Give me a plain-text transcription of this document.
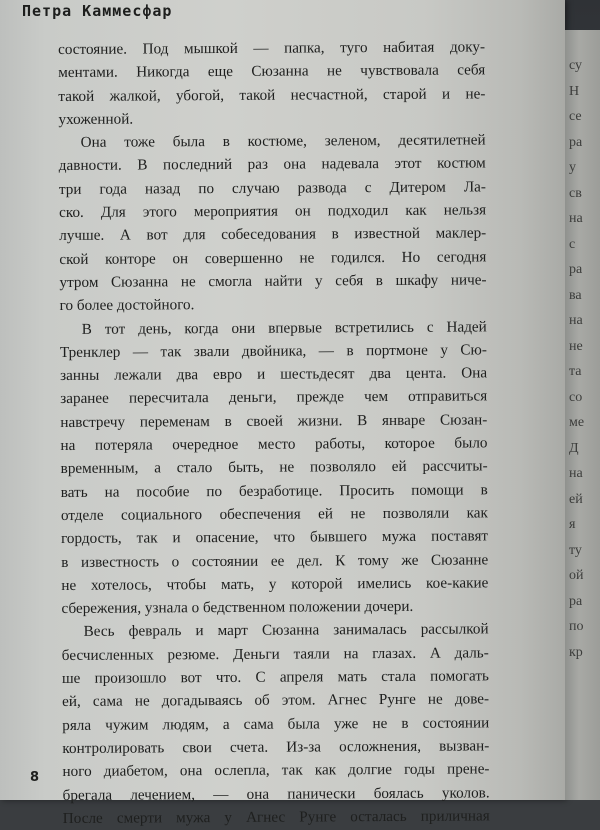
Петра Каммесфар
состояние. Под мышкой — папка, туго набитая доку-
ментами. Никогда еще Сюзанна не чувствовала себя
такой жалкой, убогой, такой несчастной, старой и не-
ухоженной.
Она тоже была в костюме, зеленом, десятилетней
давности. В последний раз она надевала этот костюм
три года назад по случаю развода с Дитером Ла-
ско. Для этого мероприятия он подходил как нельзя
лучше. А вот для собеседования в известной маклер-
ской конторе он совершенно не годился. Но сегодня
утром Сюзанна не смогла найти у себя в шкафу ниче-
го более достойного.
В тот день, когда они впервые встретились с Надей
Тренклер — так звали двойника, — в портмоне у Сю-
занны лежали два евро и шестьдесят два цента. Она
заранее пересчитала деньги, прежде чем отправиться
навстречу переменам в своей жизни. В январе Сюзан-
на потеряла очередное место работы, которое было
временным, а стало быть, не позволяло ей рассчиты-
вать на пособие по безработице. Просить помощи в
отделе социального обеспечения ей не позволяли как
гордость, так и опасение, что бывшего мужа поставят
в известность о состоянии ее дел. К тому же Сюзанне
не хотелось, чтобы мать, у которой имелись кое-какие
сбережения, узнала о бедственном положении дочери.
Весь февраль и март Сюзанна занималась рассылкой
бесчисленных резюме. Деньги таяли на глазах. А даль-
ше произошло вот что. С апреля мать стала помогать
ей, сама не догадываясь об этом. Агнес Рунге не дове-
ряла чужим людям, а сама была уже не в состоянии
контролировать свои счета. Из-за осложнения, вызван-
ного диабетом, она ослепла, так как долгие годы прене-
брегала лечением, — она панически боялась уколов.
После смерти мужа у Агнес Рунге осталась приличная
8
су
Н
се
ра
у
св
на
с
ра
ва
на
не
та
со
ме
Д
на
ей
я
ту
ой
ра
по
кр
